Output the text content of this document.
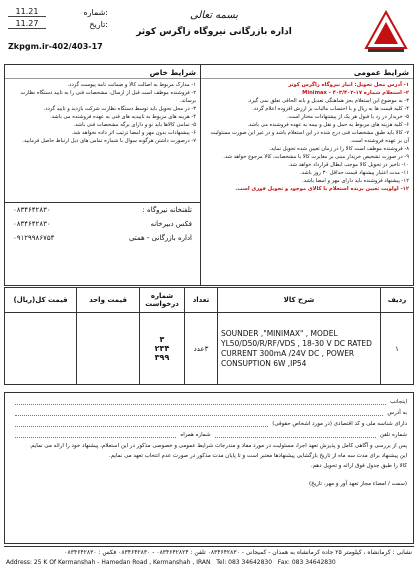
11.21	شماره:
11.27	تاریخ:
Zkpgm.ir-402/403-17
بسمه تعالی
اداره بازرگانی نیروگاه زاگرس کوثر
شرایط عمومی
۱- آدرس محل تحویل: انبار نیروگاه زاگرس کوثر
۲- استعلام شماره ۱۷-۴۰۳/۴۰۲ - Minimax
۳- به موضوع این استعلام بجز هماهنگی تعدیل و بانه الحاقی تعلق نمی گیرد.
۴- کلیه قیمت ها به ریال و با احتساب مالیات بر ارزش افزوده اعلام گردد.
۵- خریدار در رد یا قبول هر یک از پیشنهادات مختار است.
۶- کلیه هزینه های مربوط به حمل و نقل و بیمه به عهده فروشنده می باشد.
۷- کالا باید طبق مشخصات فنی درج شده در این استعلام باشد و در غیر این صورت مسئولیت آن بر عهده فروشنده است.
۸- فروشنده موظف است کالا را در زمان تعیین شده تحویل نماید.
۹- در صورت تشخیص خریدار مبنی بر مغایرت کالا با مشخصات، کالا مرجوع خواهد شد.
۱۰- تاخیر در تحویل کالا موجب ابطال قرارداد خواهد شد.
۱۱- مدت اعتبار پیشنهاد قیمت حداقل ۳۰ روز باشد.
۱۲- پیشنهاد فروشنده باید دارای مهر و امضا باشد.
۱۲- اولویت تعیین برنده استعلام با کالای موجود و تحویل فوری است.
شرایط خاص
۱- مدارک مربوط به اصالت کالا و ضمانت نامه پیوست گردد.
۲- فروشنده موظف است قبل از ارسال، مشخصات فنی را به تایید دستگاه نظارت برساند.
۳- در محل تحویل باید توسط دستگاه نظارت شرکت بازدید و تایید گردد.
۴- هزینه های مربوط به تاییدیه های فنی به عهده فروشنده می باشد.
۵- تمامی کالاها باید نو و دارای برگه مشخصات فنی باشد.
۶- پیشنهادات بدون مهر و امضا ترتیب اثر داده نخواهد شد.
۷- درصورت داشتن هرگونه سوال با شماره تماس های ذیل ارتباط حاصل فرمایید.
تلفنخانه نیروگاه :
۰۸۳۴۶۴۲۸۳۰
فکس دبیرخانه
۰۸۳۴۶۴۲۸۳۰
اداره بازرگانی - همتی
۰۹۱۲۹۹۸۶۷۵۴
ردیف	شرح کالا	تعداد	شماره درخواست	قیمت واحد	قیمت کل(ریال)
۱	SOUNDER ,"MINIMAX" , MODEL YL50/D50/R/RF/VDS , 18-30 V DC RATED CURRENT 300mA /24V DC , POWER CONSUPTION 6W ,IP54	۳عدد	۳
۲۳۴
۳۹۹		
اینجانب
به آدرس
دارای شناسه ملی و کد اقتصادی (در مورد اشخاص حقوقی)
شماره تلفن
شماره همراه

پس از بررسی و آگاهی کامل و پذیرش تعهد اجرا، مسئولیت در مورد مفاد و مندرجات شرایط عمومی و خصوصی مذکور در این استعلام، پیشنهاد خود را ارائه می نمایم.

این پیشنهاد برای مدت سه ماه از تاریخ بازگشایی پیشنهادها معتبر است و تا پایان مدت مذکور در صورت عدم انتخاب تعهد می نمایم.

کالا را طبق جدول فوق ارائه و تحویل دهم.

(سمت / امضاء مجاز تعهد آور و مهر، تاریخ)

نشانی : کرمانشاه ، کیلومتر ۲۵ جاده کرمانشاه به همدان - کمیجانی - ۰۸۳۴۶۴۲۸۳۰ تلفن : ۰۸۳۴۶۴۲۸۲۴ - ۰۸۳۴۶۴۲۸۳۰ فکس : ۰۸۳۴۶۴۲۸۳۰
Address: 25 K Of Kermanshah - Hamedan Road , Kermanshah , IRAN Tel: 083 34642830 Fax: 083 34642830
